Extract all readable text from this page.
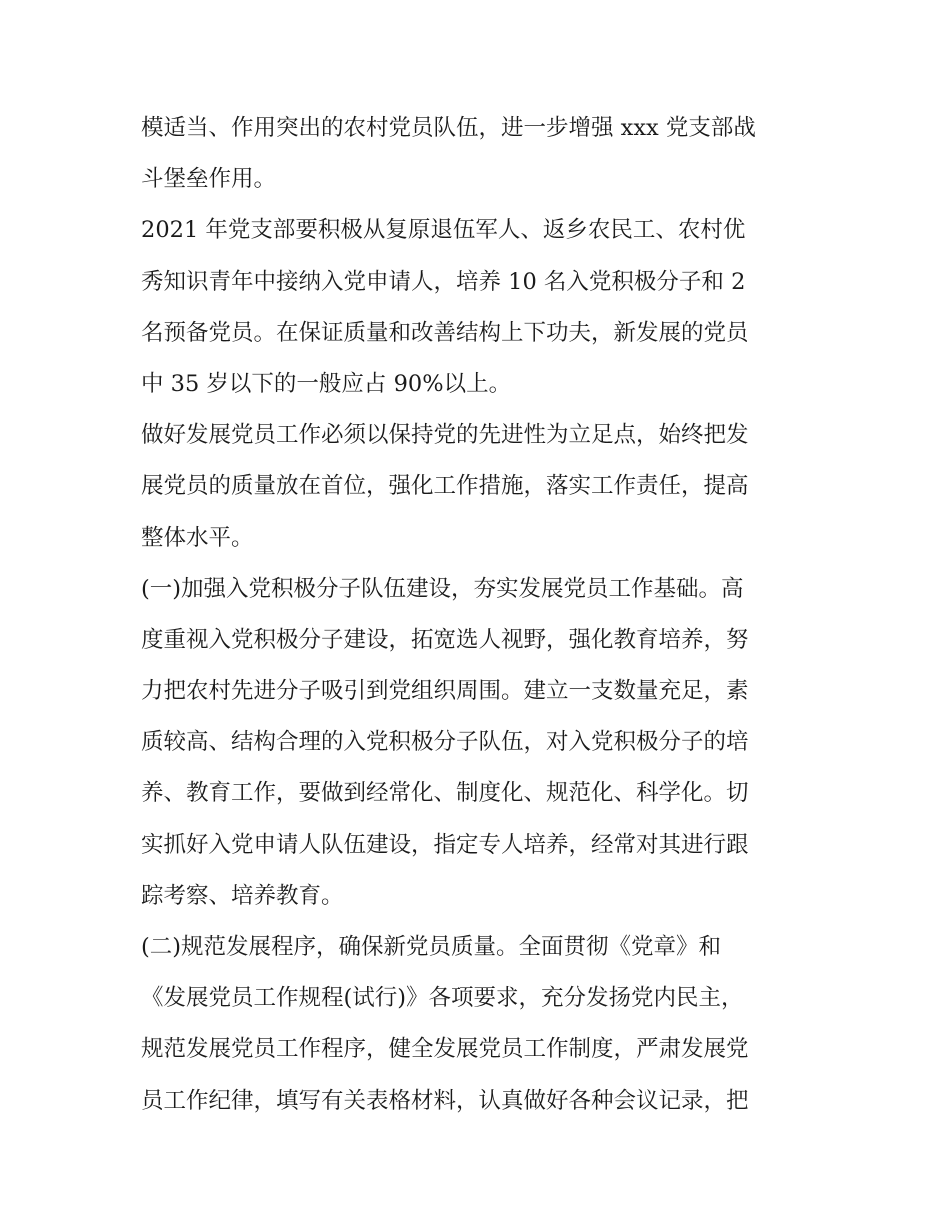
模适当、作用突出的农村党员队伍，进一步增强 xxx 党支部战
斗堡垒作用。
2021 年党支部要积极从复原退伍军人、返乡农民工、农村优
秀知识青年中接纳入党申请人，培养 10 名入党积极分子和 2
名预备党员。在保证质量和改善结构上下功夫，新发展的党员
中 35 岁以下的一般应占 90%以上。
做好发展党员工作必须以保持党的先进性为立足点，始终把发
展党员的质量放在首位，强化工作措施，落实工作责任，提高
整体水平。
(一)加强入党积极分子队伍建设，夯实发展党员工作基础。高
度重视入党积极分子建设，拓宽选人视野，强化教育培养，努
力把农村先进分子吸引到党组织周围。建立一支数量充足，素
质较高、结构合理的入党积极分子队伍，对入党积极分子的培
养、教育工作，要做到经常化、制度化、规范化、科学化。切
实抓好入党申请人队伍建设，指定专人培养，经常对其进行跟
踪考察、培养教育。
(二)规范发展程序，确保新党员质量。全面贯彻《党章》和
《发展党员工作规程(试行)》各项要求，充分发扬党内民主，
规范发展党员工作程序，健全发展党员工作制度，严肃发展党
员工作纪律，填写有关表格材料，认真做好各种会议记录，把
